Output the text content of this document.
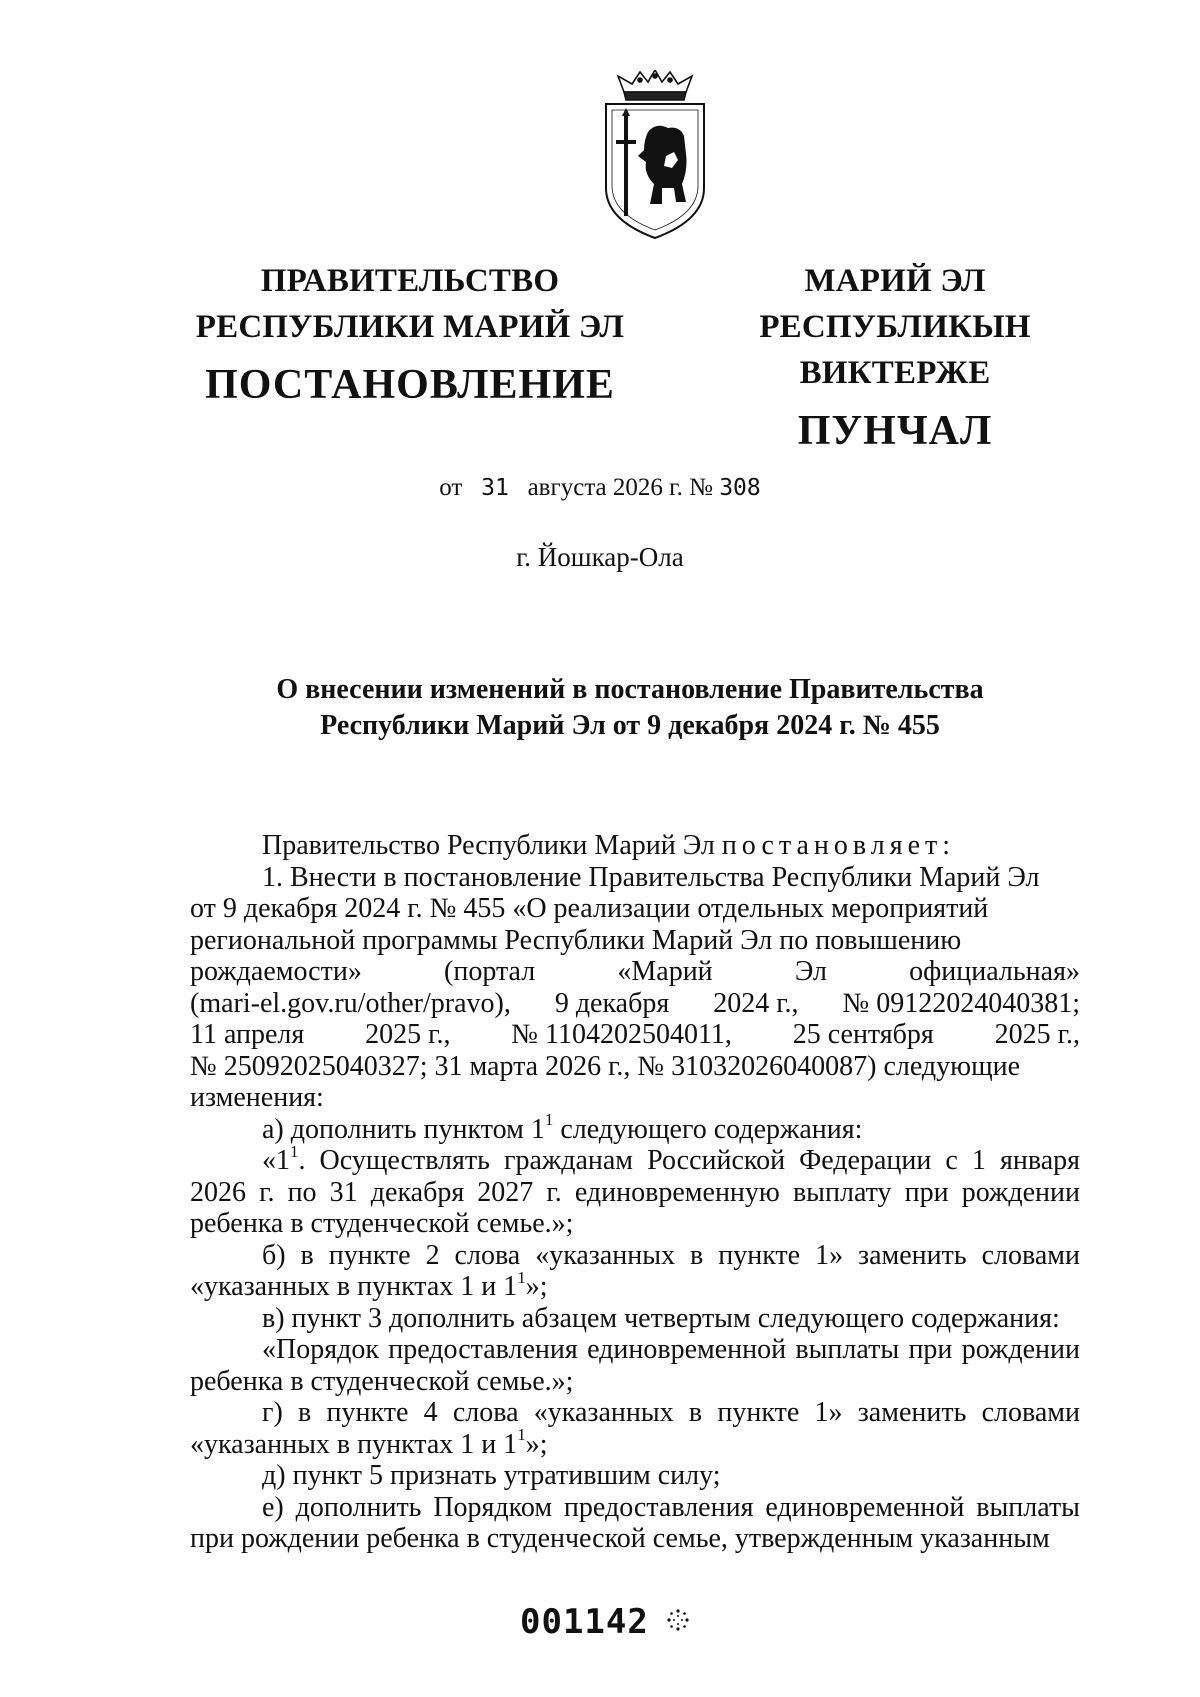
ПРАВИТЕЛЬСТВО
РЕСПУБЛИКИ МАРИЙ ЭЛ
ПОСТАНОВЛЕНИЕ
МАРИЙ ЭЛ РЕСПУБЛИКЫН
ВИКТЕРЖЕ
ПУНЧАЛ
от 31 августа 2026 г. № 308
г. Йошкар-Ола
О внесении изменений в постановление Правительства
Республики Марий Эл от 9 декабря 2024 г. № 455

Правительство Республики Марий Эл постановляет:

1. Внести в постановление Правительства Республики Марий Эл

от 9 декабря 2024 г. № 455 «О реализации отдельных мероприятий

региональной программы Республики Марий Эл по повышению

рождаемости»	(портал	«Марий	Эл	официальная»
(mari-el.gov.ru/other/pravo), 9 декабря 2024 г., № 09122024040381;
11 апреля 2025 г., № 1104202504011, 25 сентября 2025 г.,

№ 25092025040327; 31 марта 2026 г., № 31032026040087) следующие

изменения:

а) дополнить пунктом $1^1$ следующего содержания:

«$1^1$. Осуществлять гражданам Российской Федерации с 1 января 2026 г. по 31 декабря 2027 г. единовременную выплату при рождении ребенка в студенческой семье.»;

б) в пункте 2 слова «указанных в пункте 1» заменить словами «указанных в пунктах 1 и $1^1$»;

в) пункт 3 дополнить абзацем четвертым следующего содержания:

«Порядок предоставления единовременной выплаты при рождении ребенка в студенческой семье.»;

г) в пункте 4 слова «указанных в пункте 1» заменить словами «указанных в пунктах 1 и $1^1$»;

д) пункт 5 признать утратившим силу;

е) дополнить Порядком предоставления единовременной выплаты при рождении ребенка в студенческой семье, утвержденным указанным

001142
